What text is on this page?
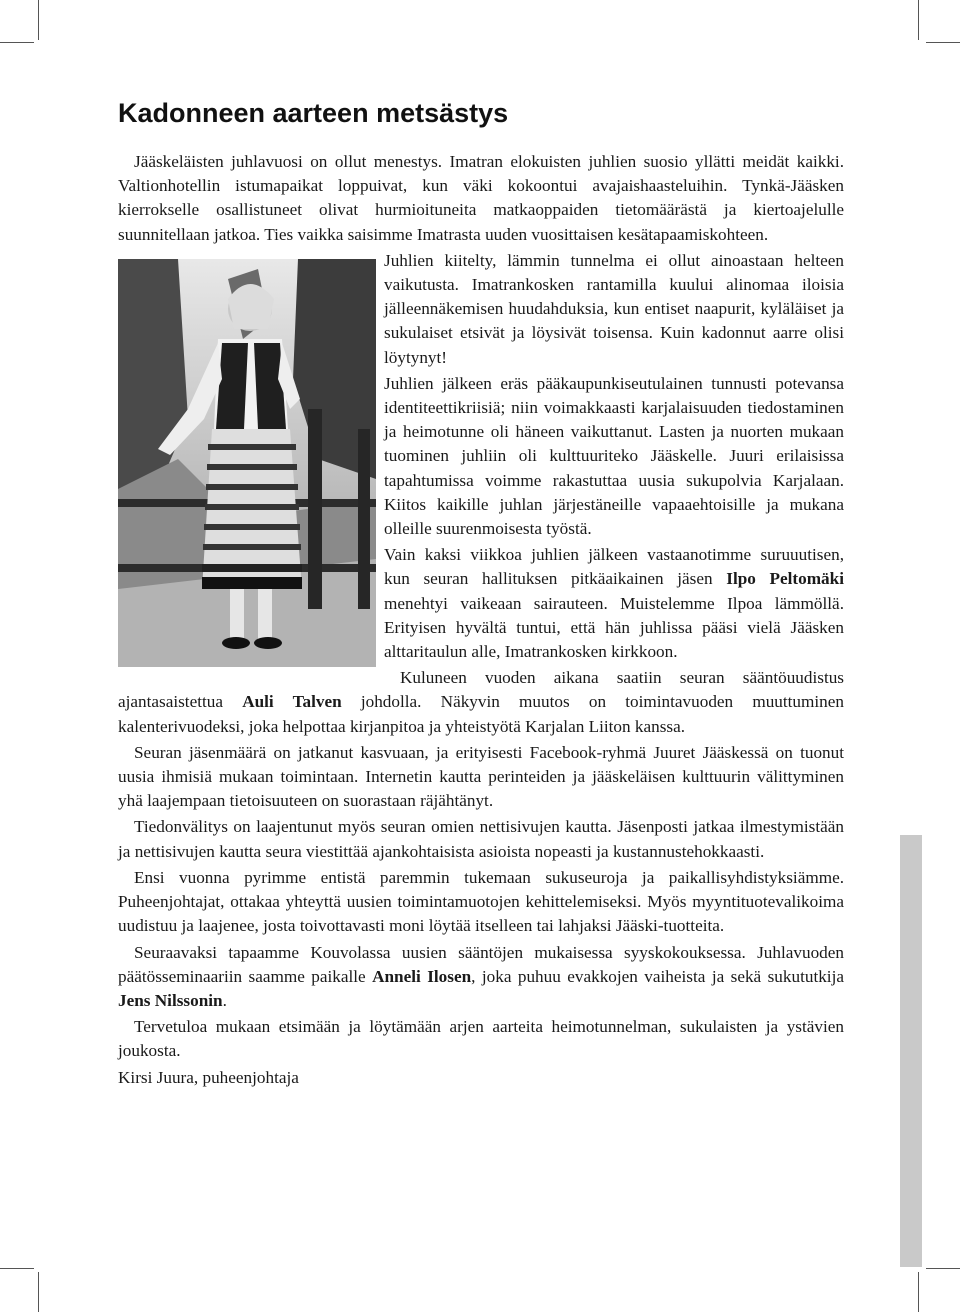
Kadonneen aarteen metsästys

Jääskeläisten juhlavuosi on ollut menestys. Imatran elokuisten juhlien suosio yllätti meidät kaikki. Valtionhotellin istumapaikat loppuivat, kun väki kokoontui avajaishaasteluihin. Tynkä-Jääsken kierrokselle osallistuneet olivat hurmioituneita matkaoppaiden tietomäärästä ja kiertoajelulle suunnitellaan jatkoa. Ties vaikka saisimme Imatrasta uuden vuosittaisen kesätapaamiskohteen.

Juhlien kiitelty, lämmin tunnelma ei ollut ainoastaan helteen vaikutusta. Imatrankosken rantamilla kuului alinomaa iloisia jälleennäkemisen huudahduksia, kun entiset naapurit, kyläläiset ja sukulaiset etsivät ja löysivät toisensa. Kuin kadonnut aarre olisi löytynyt!

Juhlien jälkeen eräs pääkaupunkiseutulainen tunnusti potevansa identiteettikriisiä; niin voimakkaasti karjalaisuuden tiedostaminen ja heimotunne oli häneen vaikuttanut. Lasten ja nuorten mukaan tuominen juhliin oli kulttuuriteko Jääskelle. Juuri erilaisissa tapahtumissa voimme rakastuttaa uusia sukupolvia Karjalaan. Kiitos kaikille juhlan järjestäneille vapaaehtoisille ja mukana olleille suurenmoisesta työstä.

Vain kaksi viikkoa juhlien jälkeen vastaanotimme suruuutisen, kun seuran hallituksen pitkäaikainen jäsen Ilpo Peltomäki menehtyi vaikeaan sairauteen. Muistelemme Ilpoa lämmöllä. Erityisen hyvältä tuntui, että hän juhlissa pääsi vielä Jääsken alttaritaulun alle, Imatrankosken kirkkoon.

Kuluneen vuoden aikana saatiin seuran sääntöuudistus ajantasaistettua Auli Talven johdolla. Näkyvin muutos on toimintavuoden muuttuminen kalenterivuodeksi, joka helpottaa kirjanpitoa ja yhteistyötä Karjalan Liiton kanssa.

Seuran jäsenmäärä on jatkanut kasvuaan, ja erityisesti Facebook-ryhmä Juuret Jääskessä on tuonut uusia ihmisiä mukaan toimintaan. Internetin kautta perinteiden ja jääskeläisen kulttuurin välittyminen yhä laajempaan tietoisuuteen on suorastaan räjähtänyt.

Tiedonvälitys on laajentunut myös seuran omien nettisivujen kautta. Jäsenposti jatkaa ilmestymistään ja nettisivujen kautta seura viestittää ajankohtaisista asioista nopeasti ja kustannustehokkaasti.

Ensi vuonna pyrimme entistä paremmin tukemaan sukuseuroja ja paikallisyhdistyksiämme. Puheenjohtajat, ottakaa yhteyttä uusien toimintamuotojen kehittelemiseksi. Myös myyntituotevalikoima uudistuu ja laajenee, josta toivottavasti moni löytää itselleen tai lahjaksi Jääski-tuotteita.

Seuraavaksi tapaamme Kouvolassa uusien sääntöjen mukaisessa syyskokouksessa. Juhlavuoden päätösseminaariin saamme paikalle Anneli Ilosen, joka puhuu evakkojen vaiheista ja sekä sukututkija Jens Nilssonin.

Tervetuloa mukaan etsimään ja löytämään arjen aarteita heimotunnelman, sukulaisten ja ystävien joukosta.

Kirsi Juura, puheenjohtaja
